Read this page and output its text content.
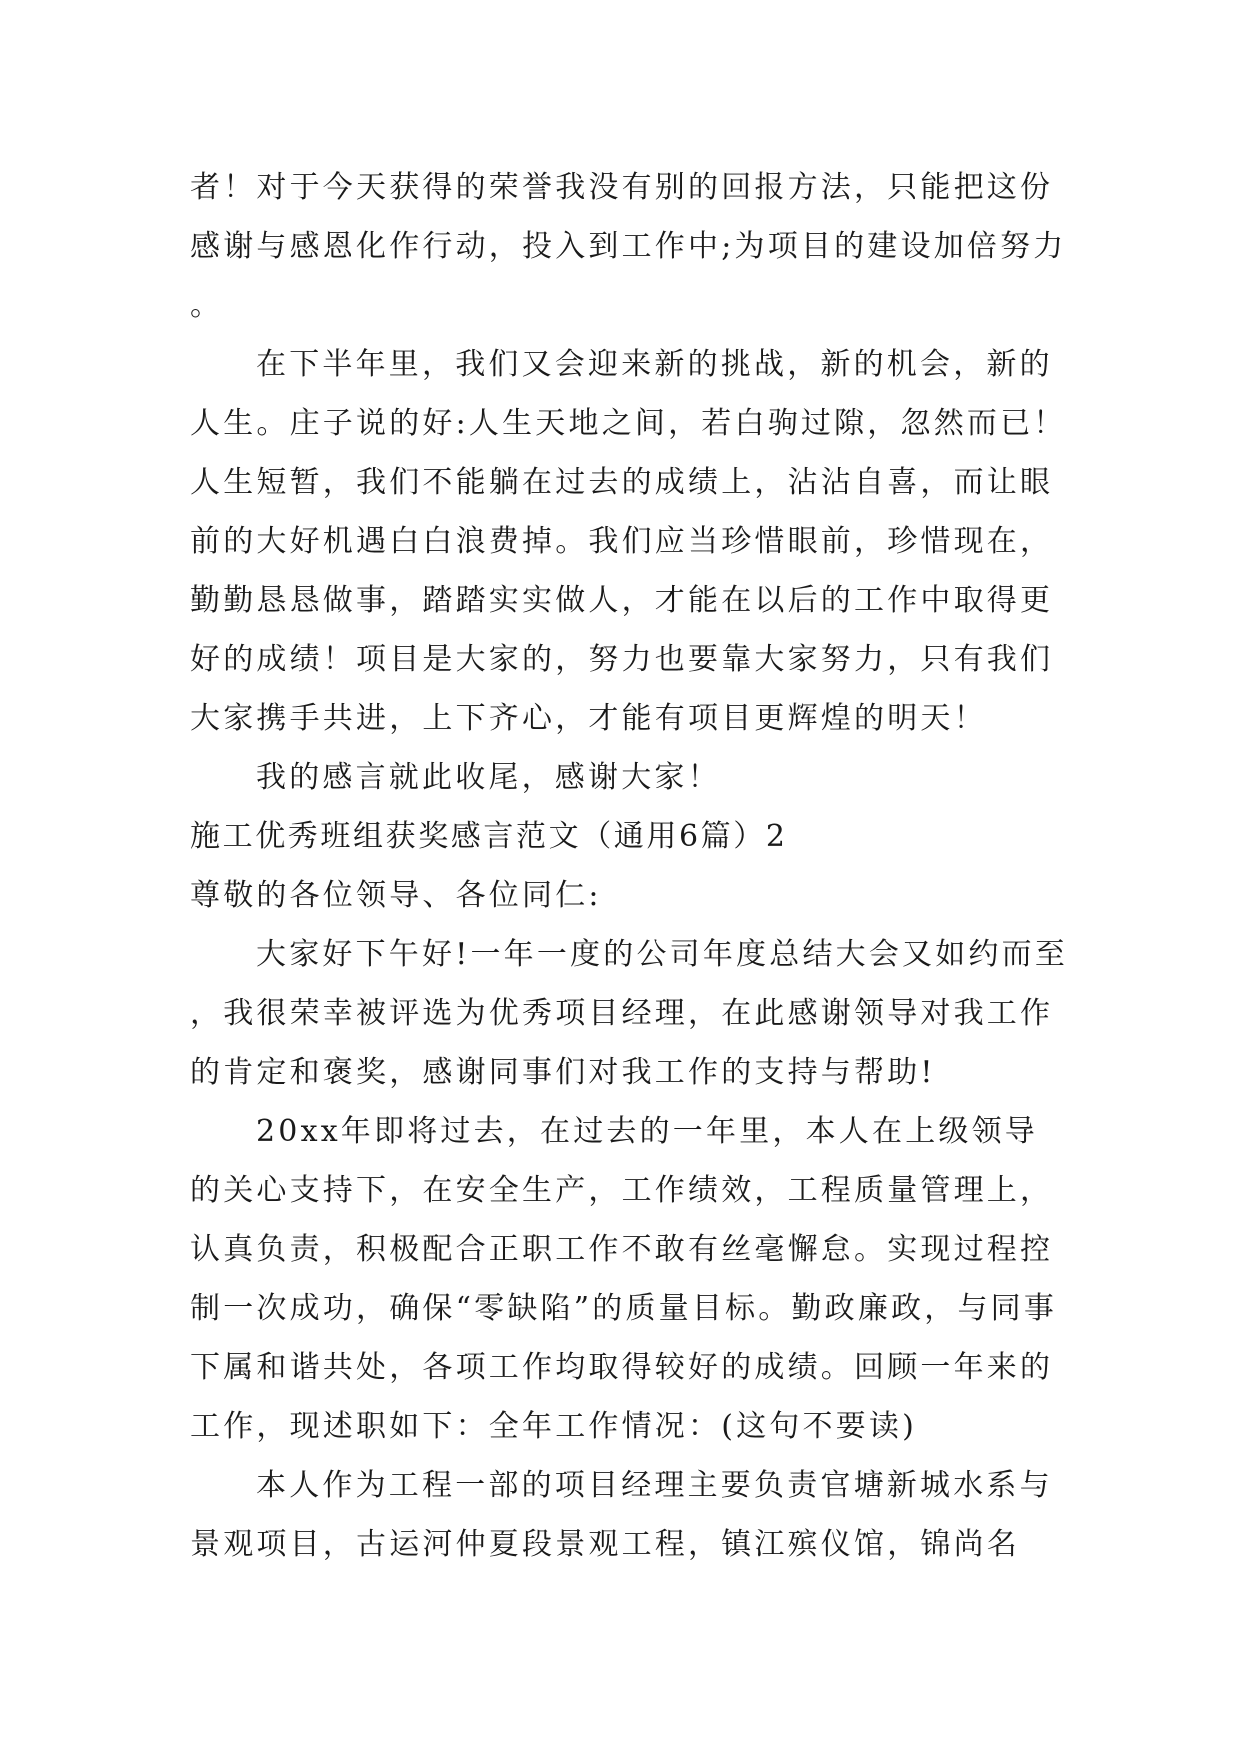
者！对于今天获得的荣誉我没有别的回报方法，只能把这份感谢与感恩化作行动，投入到工作中;为项目的建设加倍努力。

在下半年里，我们又会迎来新的挑战，新的机会，新的人生。庄子说的好:人生天地之间，若白驹过隙，忽然而已！人生短暂，我们不能躺在过去的成绩上，沾沾自喜，而让眼前的大好机遇白白浪费掉。我们应当珍惜眼前，珍惜现在，勤勤恳恳做事，踏踏实实做人，才能在以后的工作中取得更好的成绩！项目是大家的，努力也要靠大家努力，只有我们大家携手共进，上下齐心，才能有项目更辉煌的明天！

我的感言就此收尾，感谢大家！

施工优秀班组获奖感言范文（通用6篇）2

尊敬的各位领导、各位同仁:

大家好下午好!一年一度的公司年度总结大会又如约而至，我很荣幸被评选为优秀项目经理，在此感谢领导对我工作的肯定和褒奖，感谢同事们对我工作的支持与帮助!

20xx年即将过去，在过去的一年里，本人在上级领导的关心支持下，在安全生产，工作绩效，工程质量管理上，认真负责，积极配合正职工作不敢有丝毫懈怠。实现过程控制一次成功，确保“零缺陷”的质量目标。勤政廉政，与同事下属和谐共处，各项工作均取得较好的成绩。回顾一年来的工作，现述职如下：全年工作情况：(这句不要读)

本人作为工程一部的项目经理主要负责官塘新城水系与景观项目，古运河仲夏段景观工程，镇江殡仪馆，锦尚名
